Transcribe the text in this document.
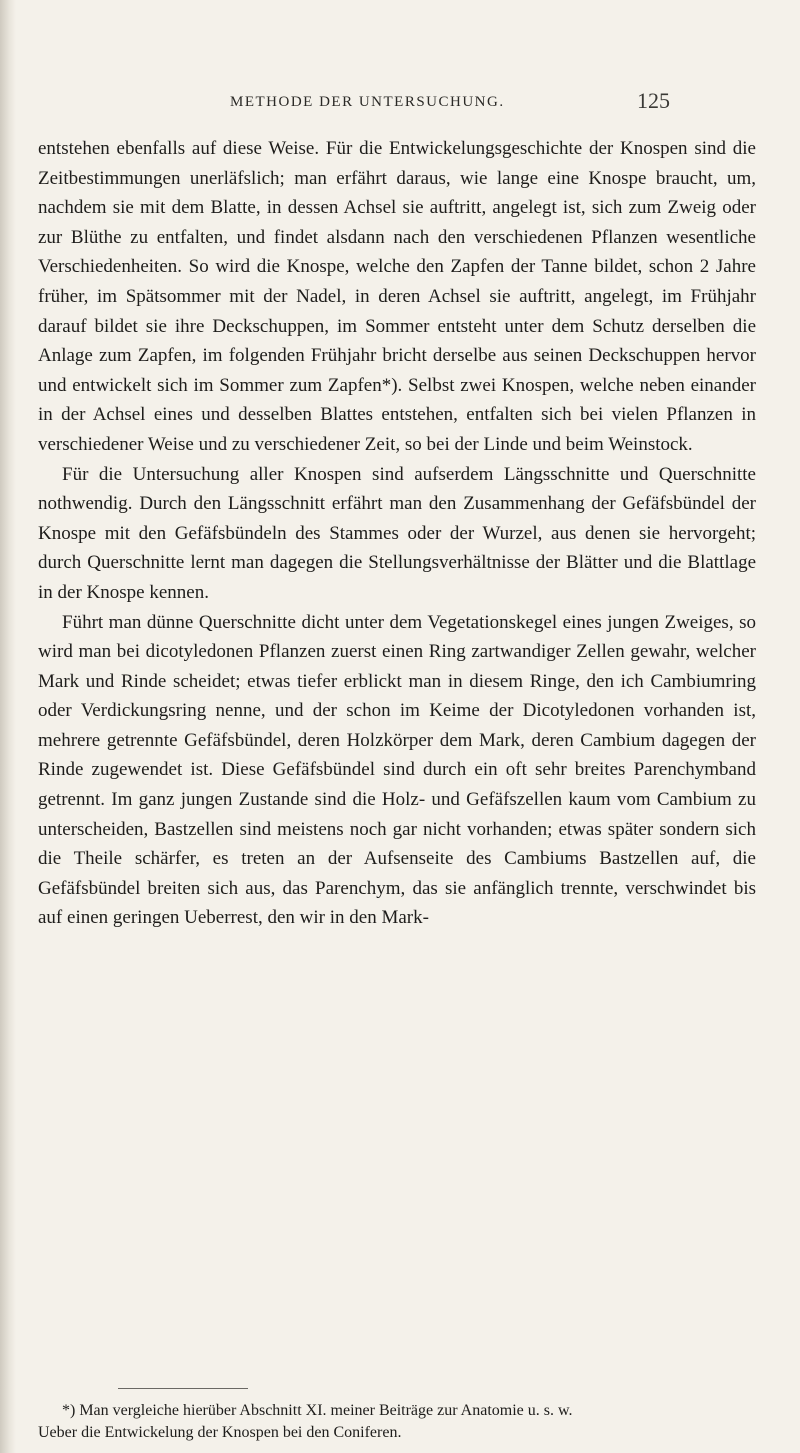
METHODE DER UNTERSUCHUNG.	125

entstehen ebenfalls auf diese Weise. Für die Entwickelungsgeschichte der Knospen sind die Zeitbestimmungen unerläfslich; man erfährt daraus, wie lange eine Knospe braucht, um, nachdem sie mit dem Blatte, in dessen Achsel sie auftritt, angelegt ist, sich zum Zweig oder zur Blüthe zu entfalten, und findet alsdann nach den verschiedenen Pflanzen wesentliche Verschiedenheiten. So wird die Knospe, welche den Zapfen der Tanne bildet, schon 2 Jahre früher, im Spätsommer mit der Nadel, in deren Achsel sie auftritt, angelegt, im Frühjahr darauf bildet sie ihre Deckschuppen, im Sommer entsteht unter dem Schutz derselben die Anlage zum Zapfen, im folgenden Frühjahr bricht derselbe aus seinen Deckschuppen hervor und entwickelt sich im Sommer zum Zapfen*). Selbst zwei Knospen, welche neben einander in der Achsel eines und desselben Blattes entstehen, entfalten sich bei vielen Pflanzen in verschiedener Weise und zu verschiedener Zeit, so bei der Linde und beim Weinstock.

Für die Untersuchung aller Knospen sind aufserdem Längsschnitte und Querschnitte nothwendig. Durch den Längsschnitt erfährt man den Zusammenhang der Gefäfsbündel der Knospe mit den Gefäfsbündeln des Stammes oder der Wurzel, aus denen sie hervorgeht; durch Querschnitte lernt man dagegen die Stellungsverhältnisse der Blätter und die Blattlage in der Knospe kennen.

Führt man dünne Querschnitte dicht unter dem Vegetationskegel eines jungen Zweiges, so wird man bei dicotyledonen Pflanzen zuerst einen Ring zartwandiger Zellen gewahr, welcher Mark und Rinde scheidet; etwas tiefer erblickt man in diesem Ringe, den ich Cambiumring oder Verdickungsring nenne, und der schon im Keime der Dicotyledonen vorhanden ist, mehrere getrennte Gefäfsbündel, deren Holzkörper dem Mark, deren Cambium dagegen der Rinde zugewendet ist. Diese Gefäfsbündel sind durch ein oft sehr breites Parenchymband getrennt. Im ganz jungen Zustande sind die Holz- und Gefäfszellen kaum vom Cambium zu unterscheiden, Bastzellen sind meistens noch gar nicht vorhanden; etwas später sondern sich die Theile schärfer, es treten an der Aufsenseite des Cambiums Bastzellen auf, die Gefäfsbündel breiten sich aus, das Parenchym, das sie anfänglich trennte, verschwindet bis auf einen geringen Ueberrest, den wir in den Mark-

*) Man vergleiche hierüber Abschnitt XI. meiner Beiträge zur Anatomie u. s. w.

Ueber die Entwickelung der Knospen bei den Coniferen.
